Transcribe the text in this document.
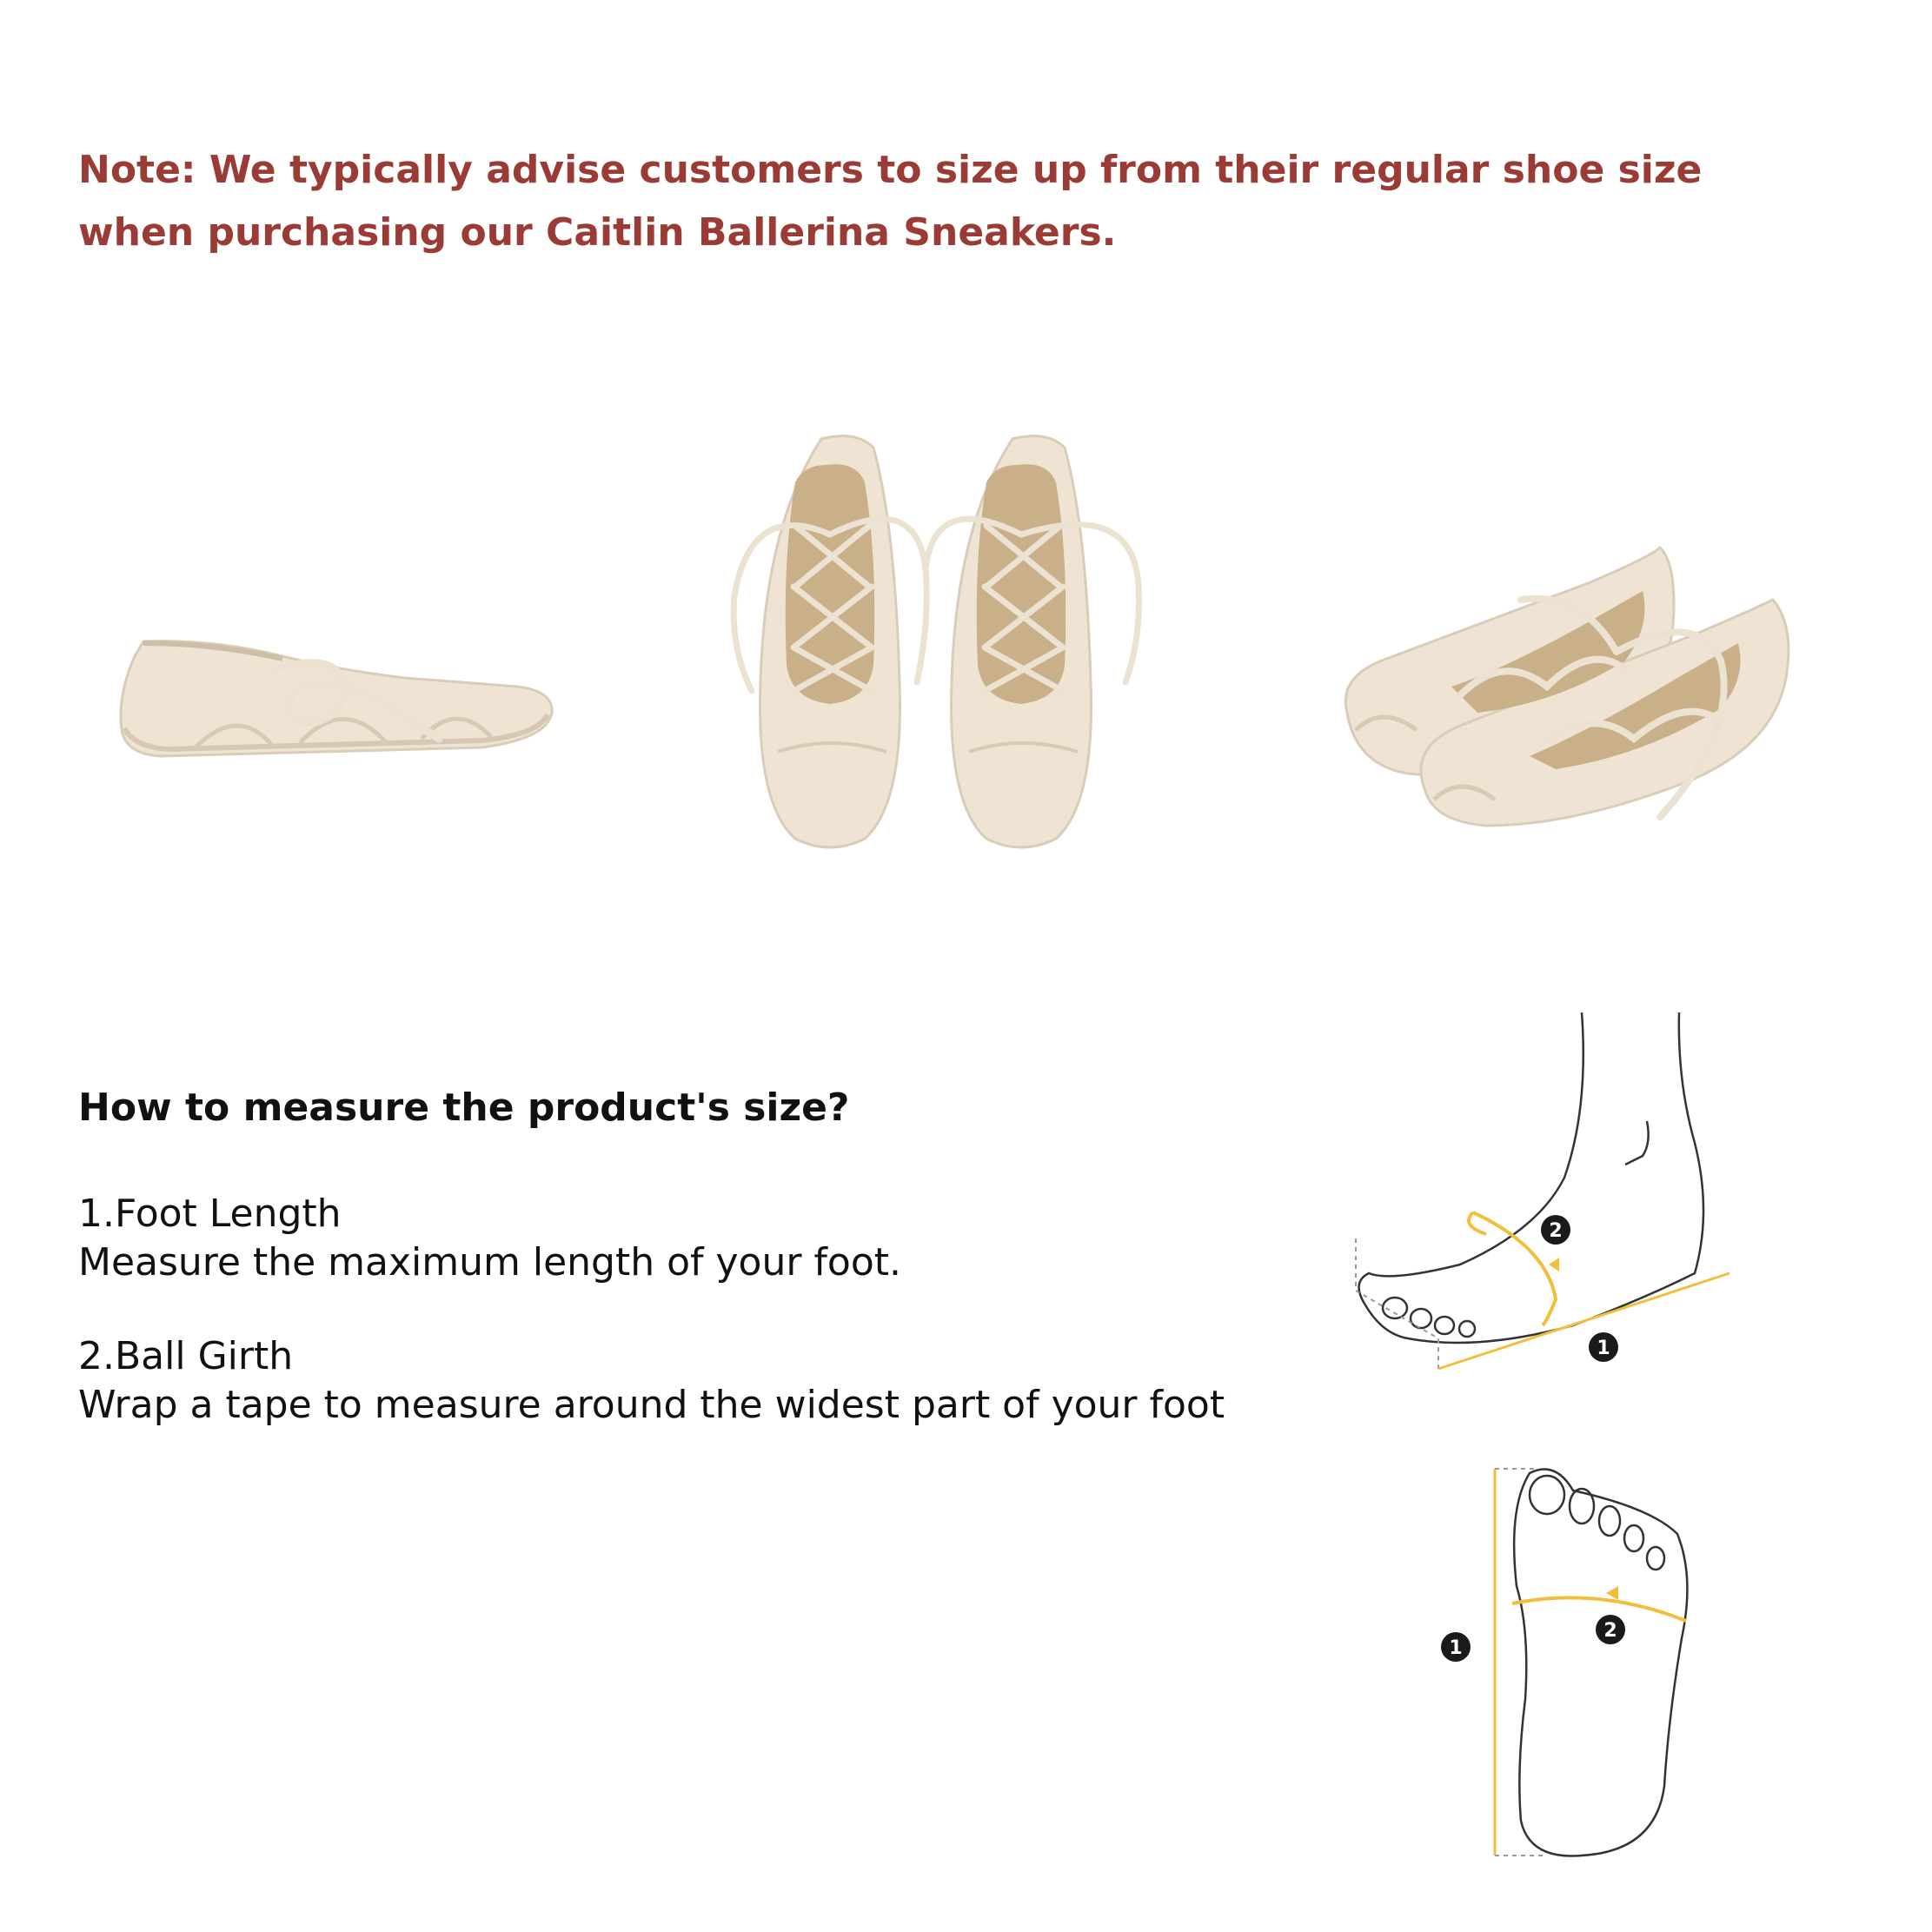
Note: We typically advise customers to size up from their regular shoe size
when purchasing our Caitlin Ballerina Sneakers.

How to measure the product's size?

1.Foot Length

Measure the maximum length of your foot.

2.Ball Girth

Wrap a tape to measure around the widest part of your foot

2
1
1
2
